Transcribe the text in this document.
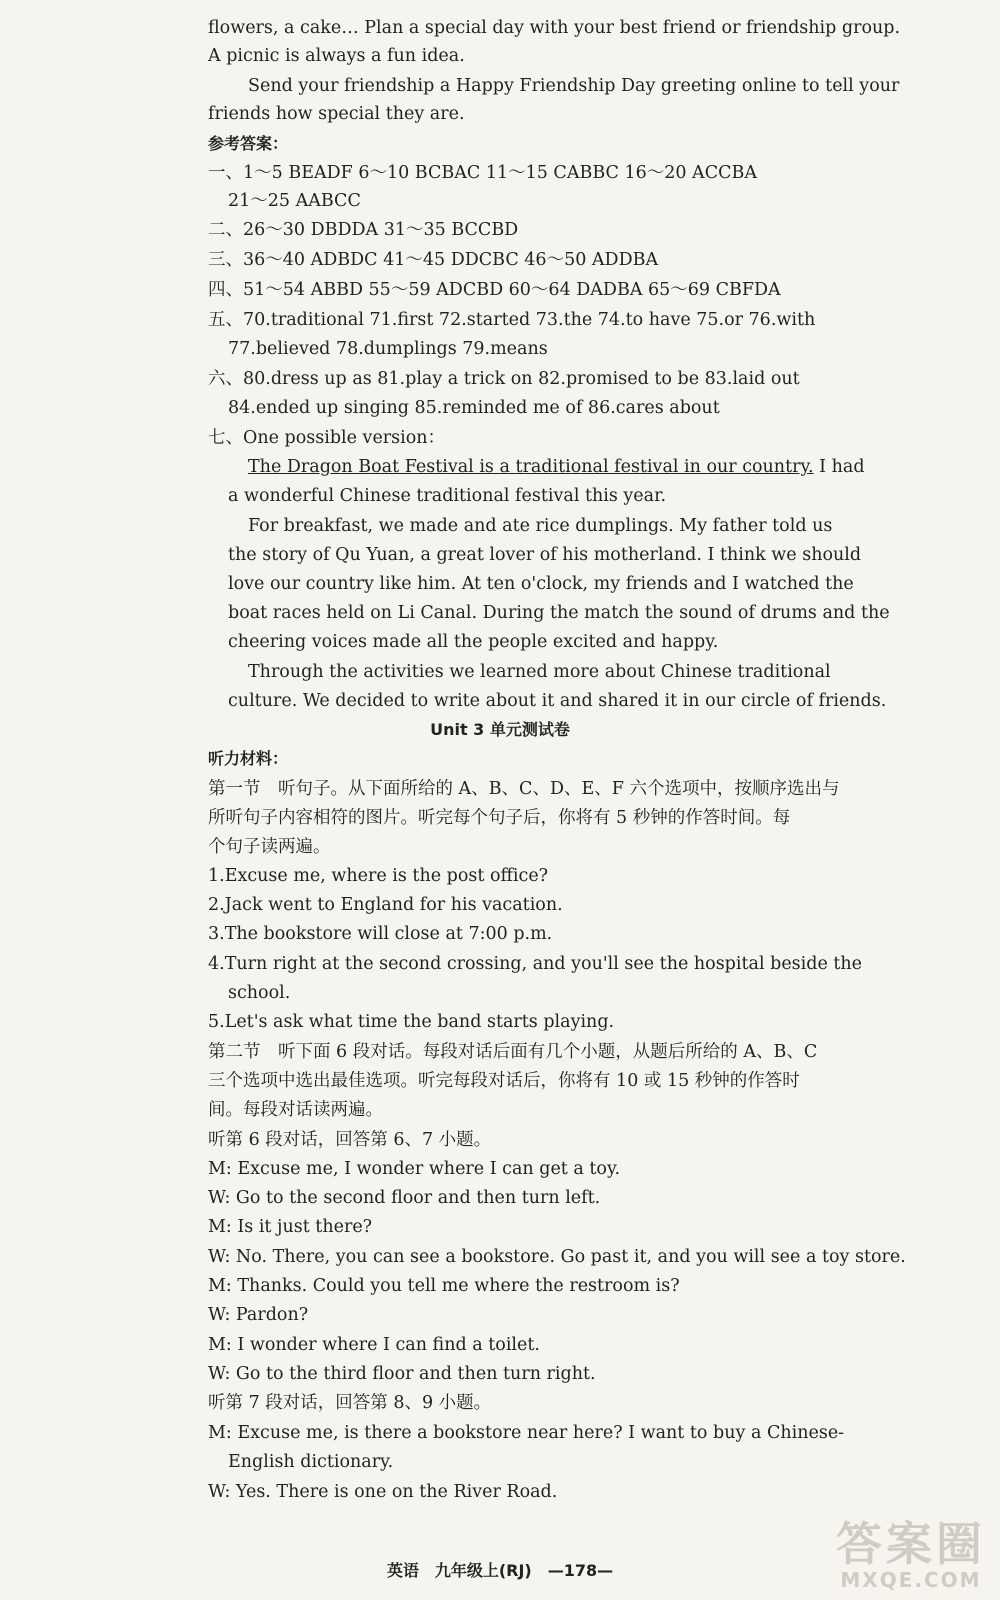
flowers, a cake… Plan a special day with your best friend or friendship group.
A picnic is always a fun idea.
Send your friendship a Happy Friendship Day greeting online to tell your
friends how special they are.
参考答案：
一、1～5 BEADF 6～10 BCBAC 11～15 CABBC 16～20 ACCBA
21～25 AABCC
二、26～30 DBDDA 31～35 BCCBD
三、36～40 ADBDC 41～45 DDCBC 46～50 ADDBA
四、51～54 ABBD 55～59 ADCBD 60～64 DADBA 65～69 CBFDA
五、70.traditional 71.first 72.started 73.the 74.to have 75.or 76.with
77.believed 78.dumplings 79.means
六、80.dress up as 81.play a trick on 82.promised to be 83.laid out
84.ended up singing 85.reminded me of 86.cares about
七、One possible version：
The Dragon Boat Festival is a traditional festival in our country. I had
a wonderful Chinese traditional festival this year.
For breakfast, we made and ate rice dumplings. My father told us
the story of Qu Yuan, a great lover of his motherland. I think we should
love our country like him. At ten o'clock, my friends and I watched the
boat races held on Li Canal. During the match the sound of drums and the
cheering voices made all the people excited and happy.
Through the activities we learned more about Chinese traditional
culture. We decided to write about it and shared it in our circle of friends.
Unit 3 单元测试卷
听力材料：
第一节　听句子。从下面所给的 A、B、C、D、E、F 六个选项中，按顺序选出与
所听句子内容相符的图片。听完每个句子后，你将有 5 秒钟的作答时间。每
个句子读两遍。
1.Excuse me, where is the post office?
2.Jack went to England for his vacation.
3.The bookstore will close at 7:00 p.m.
4.Turn right at the second crossing, and you'll see the hospital beside the
school.
5.Let's ask what time the band starts playing.
第二节　听下面 6 段对话。每段对话后面有几个小题，从题后所给的 A、B、C
三个选项中选出最佳选项。听完每段对话后，你将有 10 或 15 秒钟的作答时
间。每段对话读两遍。
听第 6 段对话，回答第 6、7 小题。
M: Excuse me, I wonder where I can get a toy.
W: Go to the second floor and then turn left.
M: Is it just there?
W: No. There, you can see a bookstore. Go past it, and you will see a toy store.
M: Thanks. Could you tell me where the restroom is?
W: Pardon?
M: I wonder where I can find a toilet.
W: Go to the third floor and then turn right.
听第 7 段对话，回答第 8、9 小题。
M: Excuse me, is there a bookstore near here? I want to buy a Chinese-
English dictionary.
W: Yes. There is one on the River Road.
英语　九年级上(RJ)　—178—	答案圈
MXQE.COM
